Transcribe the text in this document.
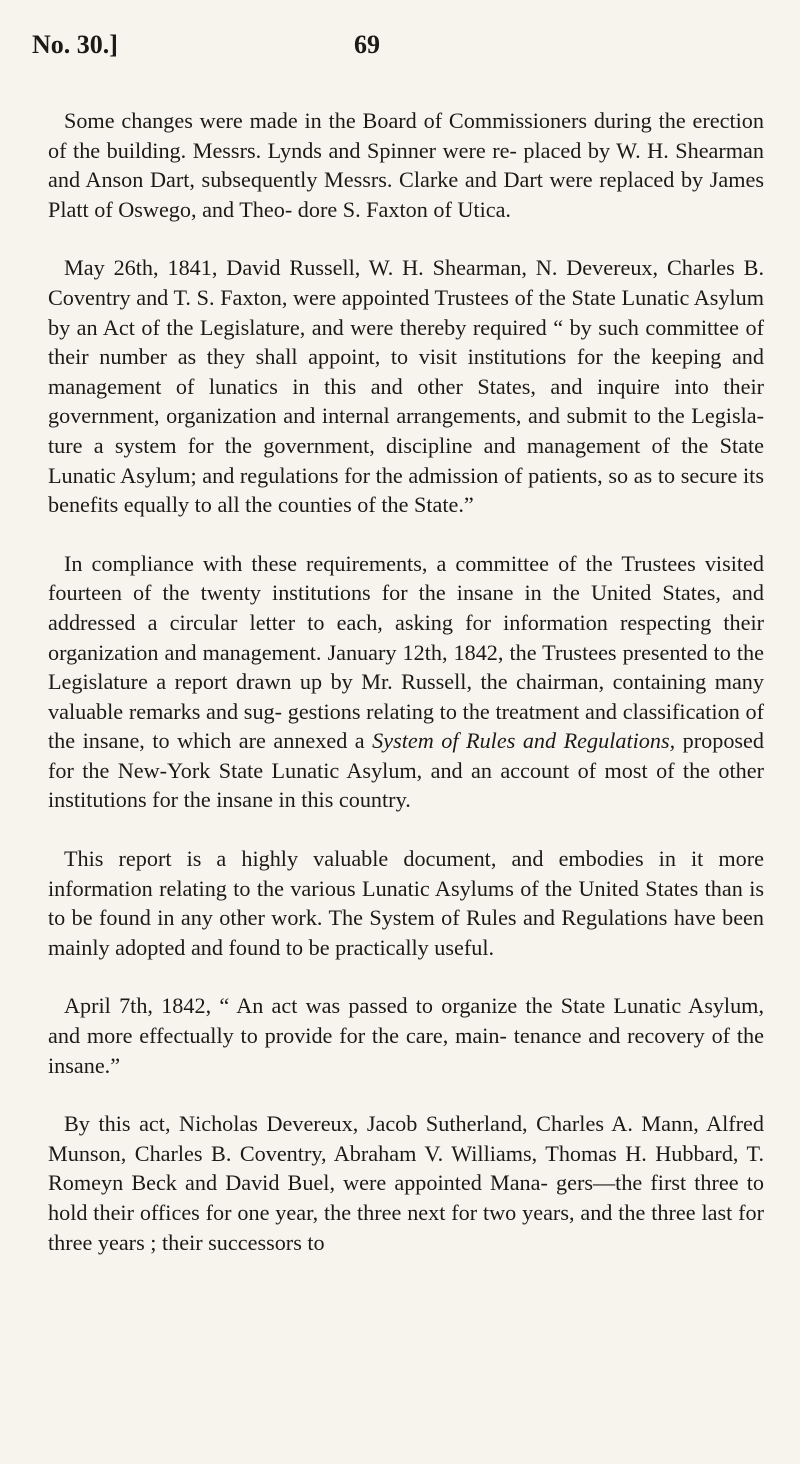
No. 30.]	69

Some changes were made in the Board of Commissioners during the erection of the building. Messrs. Lynds and Spinner were re- placed by W. H. Shearman and Anson Dart, subsequently Messrs. Clarke and Dart were replaced by James Platt of Oswego, and Theo- dore S. Faxton of Utica.

May 26th, 1841, David Russell, W. H. Shearman, N. Devereux, Charles B. Coventry and T. S. Faxton, were appointed Trustees of the State Lunatic Asylum by an Act of the Legislature, and were thereby required “ by such committee of their number as they shall appoint, to visit institutions for the keeping and management of lunatics in this and other States, and inquire into their government, organization and internal arrangements, and submit to the Legisla- ture a system for the government, discipline and management of the State Lunatic Asylum; and regulations for the admission of patients, so as to secure its benefits equally to all the counties of the State.”

In compliance with these requirements, a committee of the Trustees visited fourteen of the twenty institutions for the insane in the United States, and addressed a circular letter to each, asking for information respecting their organization and management. January 12th, 1842, the Trustees presented to the Legislature a report drawn up by Mr. Russell, the chairman, containing many valuable remarks and sug- gestions relating to the treatment and classification of the insane, to which are annexed a System of Rules and Regulations, proposed for the New-York State Lunatic Asylum, and an account of most of the other institutions for the insane in this country.

This report is a highly valuable document, and embodies in it more information relating to the various Lunatic Asylums of the United States than is to be found in any other work. The System of Rules and Regulations have been mainly adopted and found to be practically useful.

April 7th, 1842, “ An act was passed to organize the State Lunatic Asylum, and more effectually to provide for the care, main- tenance and recovery of the insane.”

By this act, Nicholas Devereux, Jacob Sutherland, Charles A. Mann, Alfred Munson, Charles B. Coventry, Abraham V. Williams, Thomas H. Hubbard, T. Romeyn Beck and David Buel, were appointed Mana- gers—the first three to hold their offices for one year, the three next for two years, and the three last for three years ; their successors to
